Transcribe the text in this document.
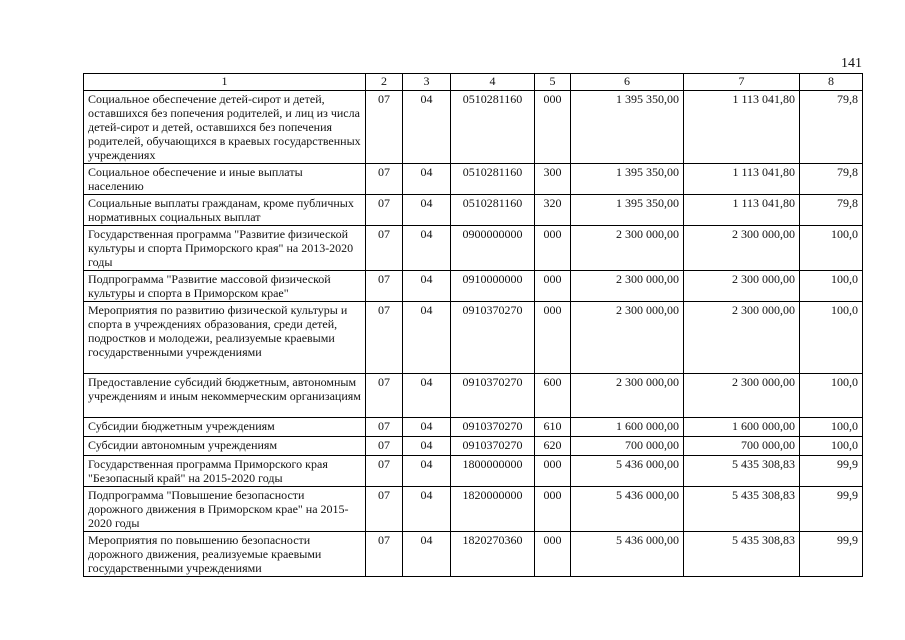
141
1	2	3	4	5	6	7	8
Социальное обеспечение детей-сирот и детей, оставшихся без попечения родителей, и лиц из числа детей-сирот и детей, оставшихся без попечения родителей, обучающихся в краевых государственных учреждениях	07	04	0510281160	000	1 395 350,00	1 113 041,80	79,8
Социальное обеспечение и иные выплаты населению	07	04	0510281160	300	1 395 350,00	1 113 041,80	79,8
Социальные выплаты гражданам, кроме публичных нормативных социальных выплат	07	04	0510281160	320	1 395 350,00	1 113 041,80	79,8
Государственная программа "Развитие физической культуры и спорта Приморского края" на 2013-2020 годы	07	04	0900000000	000	2 300 000,00	2 300 000,00	100,0
Подпрограмма "Развитие массовой физической культуры и спорта в Приморском крае"	07	04	0910000000	000	2 300 000,00	2 300 000,00	100,0
Мероприятия по развитию физической культуры и спорта в учреждениях образования, среди детей, подростков и молодежи, реализуемые краевыми государственными учреждениями	07	04	0910370270	000	2 300 000,00	2 300 000,00	100,0
Предоставление субсидий бюджетным, автономным учреждениям и иным некоммерческим организациям	07	04	0910370270	600	2 300 000,00	2 300 000,00	100,0
Субсидии бюджетным учреждениям	07	04	0910370270	610	1 600 000,00	1 600 000,00	100,0
Субсидии автономным учреждениям	07	04	0910370270	620	700 000,00	700 000,00	100,0
Государственная программа Приморского края "Безопасный край" на 2015-2020 годы	07	04	1800000000	000	5 436 000,00	5 435 308,83	99,9
Подпрограмма "Повышение безопасности дорожного движения в Приморском крае" на 2015-2020 годы	07	04	1820000000	000	5 436 000,00	5 435 308,83	99,9
Мероприятия по повышению безопасности дорожного движения, реализуемые краевыми государственными учреждениями	07	04	1820270360	000	5 436 000,00	5 435 308,83	99,9
